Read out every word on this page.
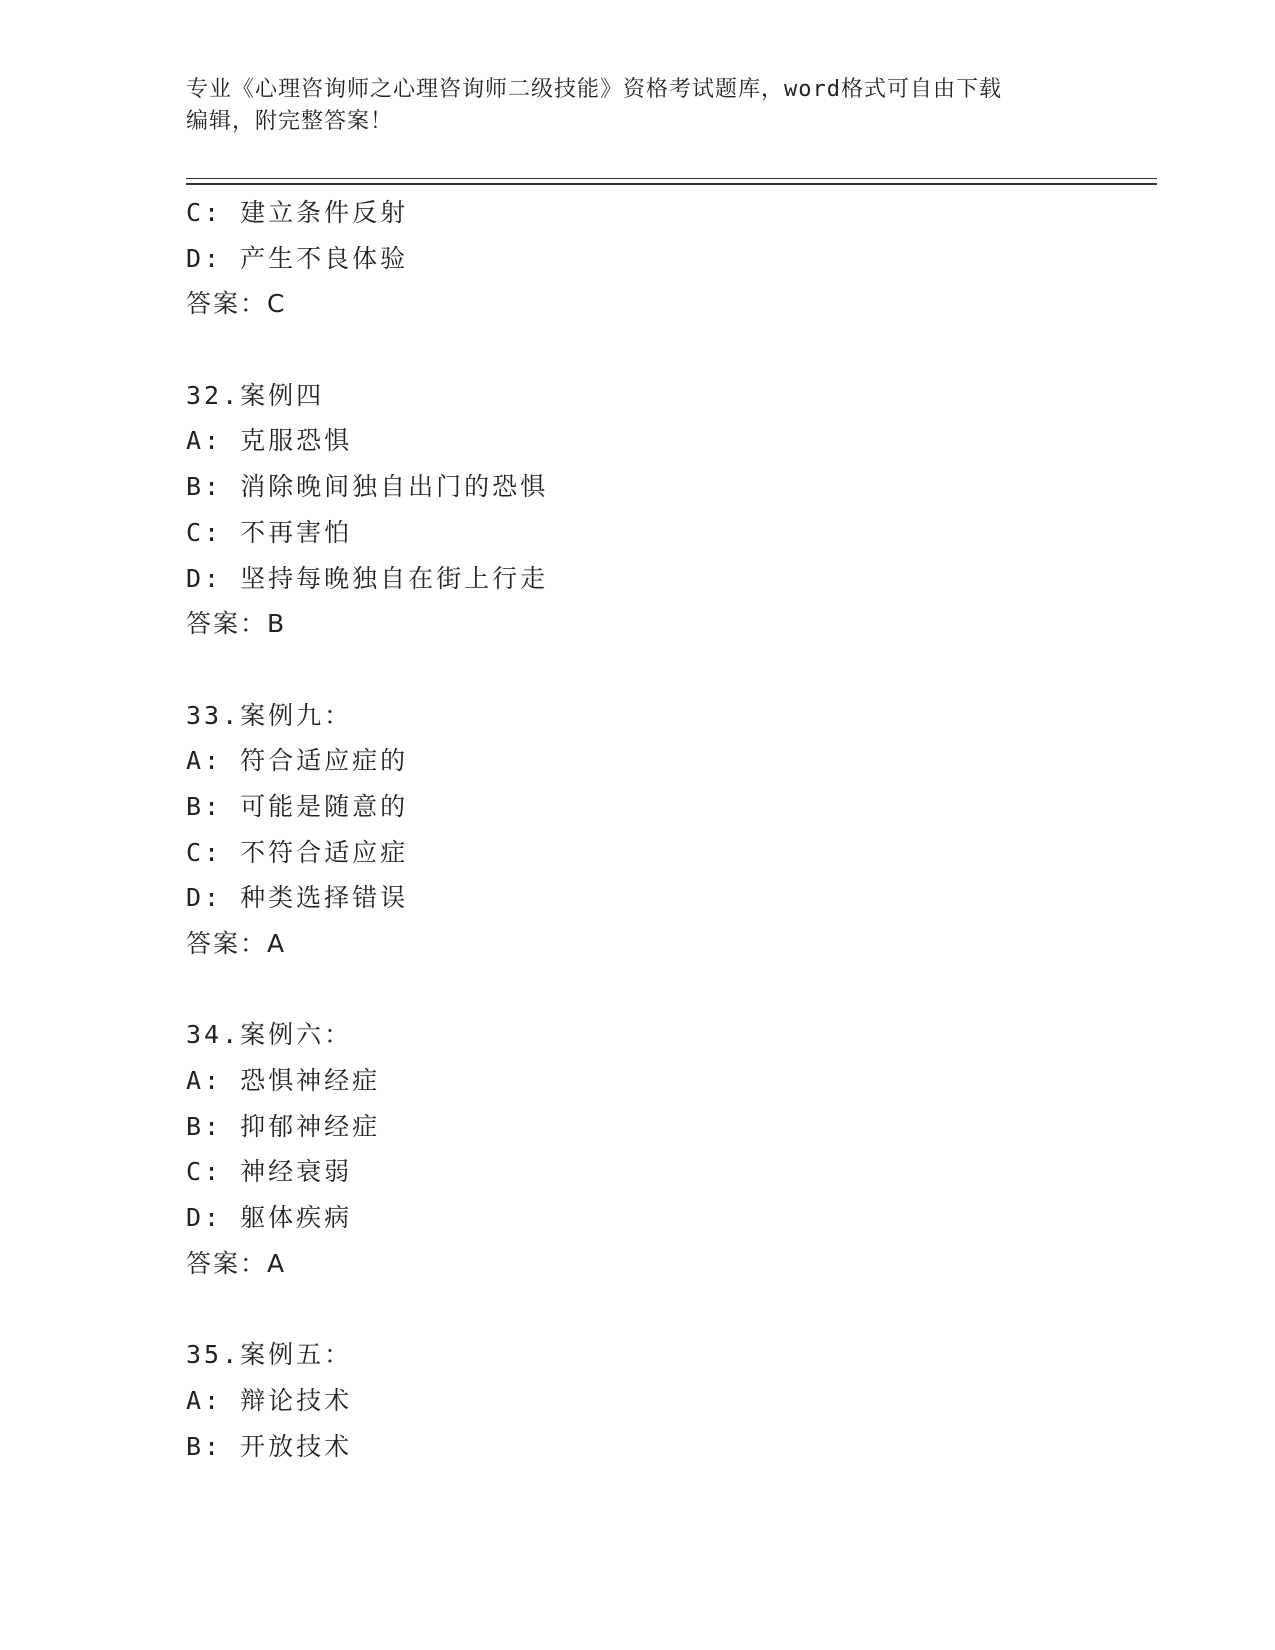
专业《心理咨询师之心理咨询师二级技能》资格考试题库，word格式可自由下载
编辑，附完整答案！
C: 建立条件反射
D: 产生不良体验
答案：C
32.案例四
A: 克服恐惧
B: 消除晚间独自出门的恐惧
C: 不再害怕
D: 坚持每晚独自在街上行走
答案：B
33.案例九：
A: 符合适应症的
B: 可能是随意的
C: 不符合适应症
D: 种类选择错误
答案：A
34.案例六：
A: 恐惧神经症
B: 抑郁神经症
C: 神经衰弱
D: 躯体疾病
答案：A
35.案例五：
A: 辩论技术
B: 开放技术
